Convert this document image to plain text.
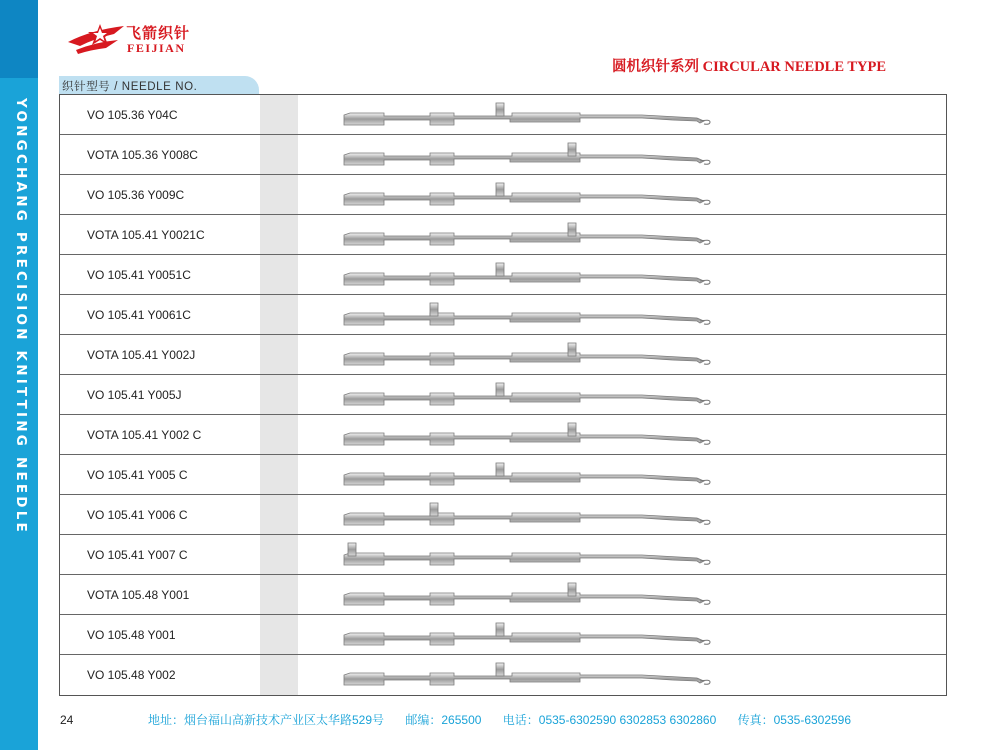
YONGCHANG PRECISION KNITTING NEEDLE
飞箭织针
FEIJIAN
圆机织针系列 CIRCULAR NEEDLE TYPE
织针型号 / NEEDLE NO.
VO 105.36 Y04C
VOTA 105.36 Y008C
VO 105.36 Y009C
VOTA 105.41 Y0021C
VO 105.41 Y0051C
VO 105.41 Y0061C
VOTA 105.41 Y002J
VO 105.41 Y005J
VOTA 105.41 Y002 C
VO 105.41 Y005 C
VO 105.41 Y006 C
VO 105.41 Y007 C
VOTA 105.48 Y001
VO 105.48 Y001
VO 105.48 Y002
24	地址：烟台福山高新技术产业区太华路529号 邮编：265500 电话：0535-6302590 6302853 6302860 传真：0535-6302596
